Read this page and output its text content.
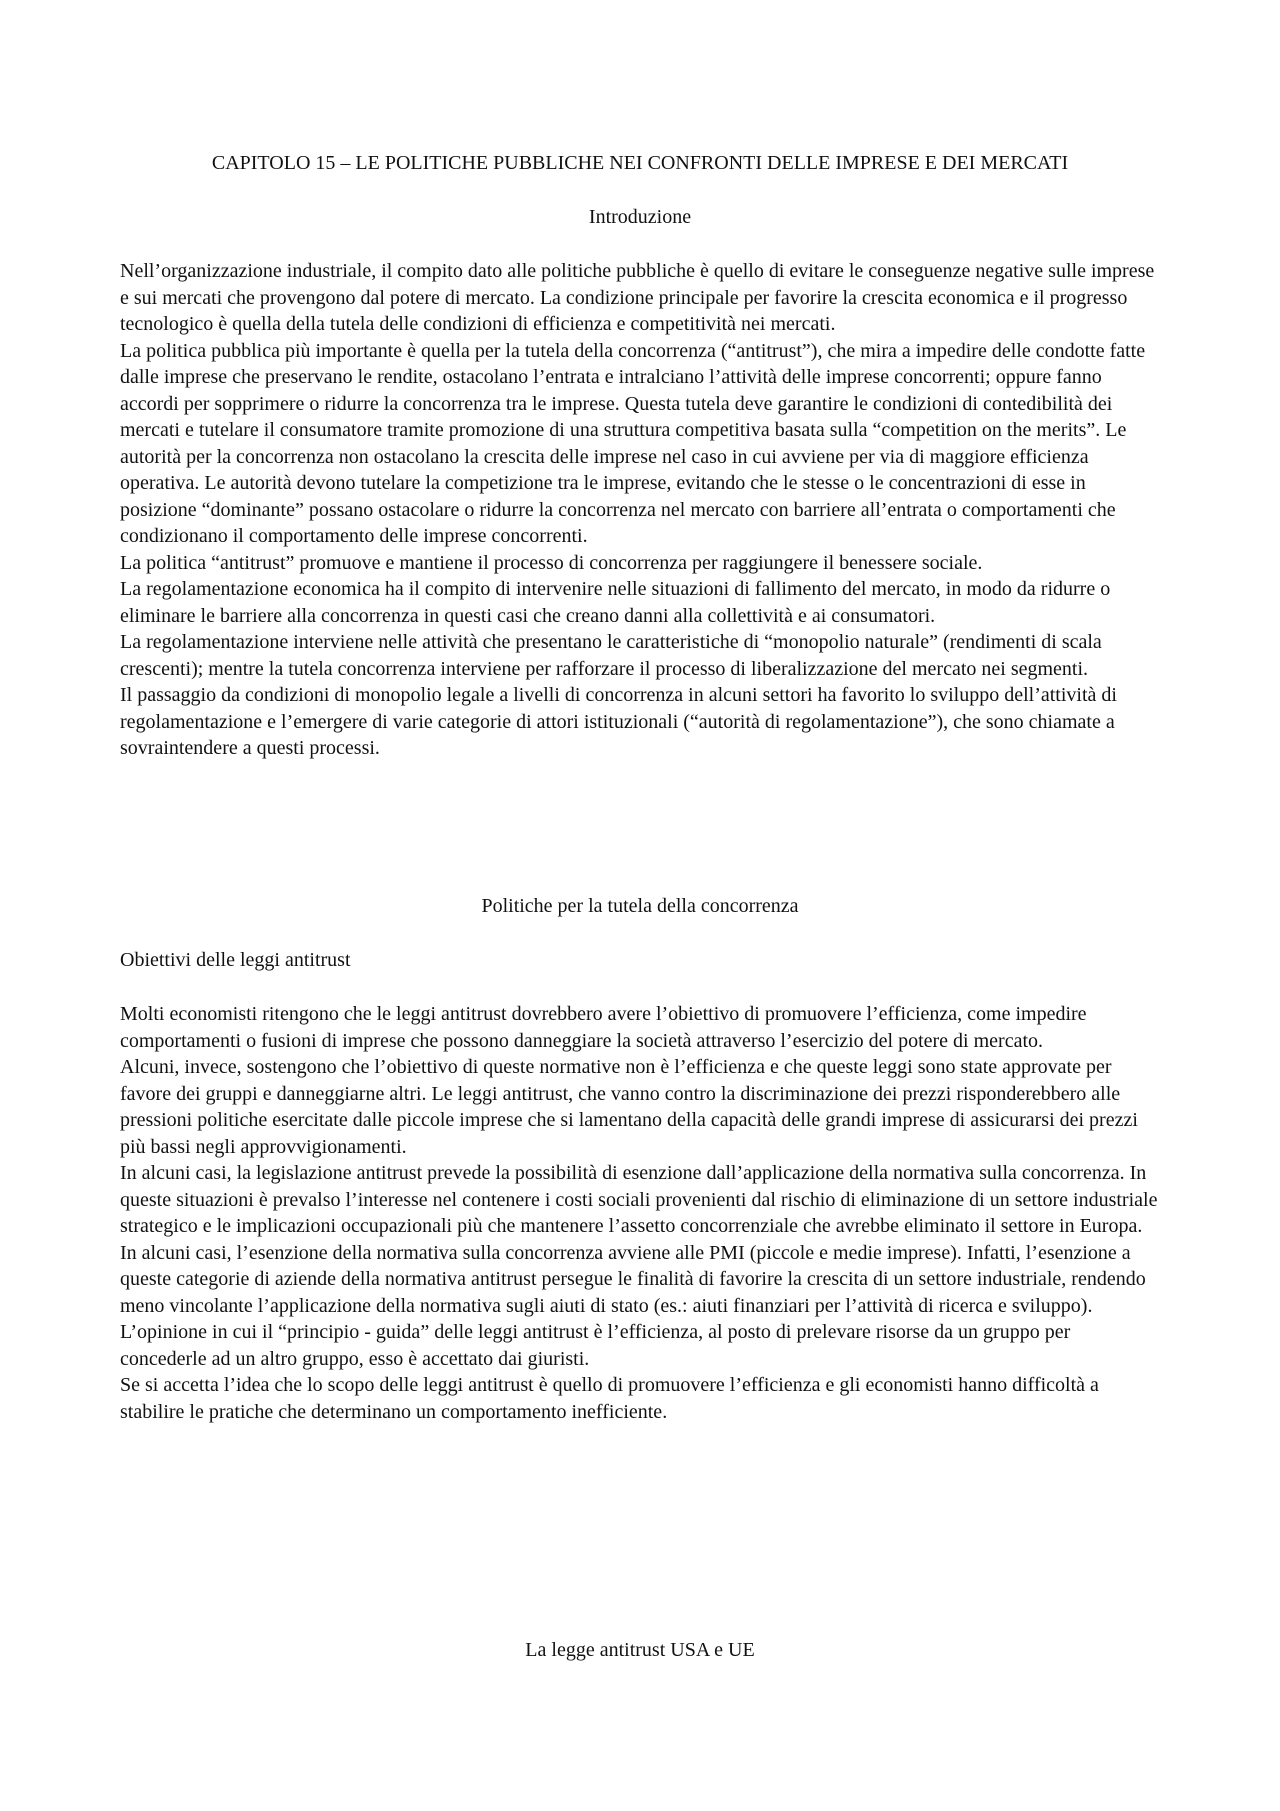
CAPITOLO 15 – LE POLITICHE PUBBLICHE NEI CONFRONTI DELLE IMPRESE E DEI MERCATI
Introduzione

Nell’organizzazione industriale, il compito dato alle politiche pubbliche è quello di evitare le conseguenze negative sulle imprese e sui mercati che provengono dal potere di mercato. La condizione principale per favorire la crescita economica e il progresso tecnologico è quella della tutela delle condizioni di efficienza e competitività nei mercati.

La politica pubblica più importante è quella per la tutela della concorrenza (“antitrust”), che mira a impedire delle condotte fatte dalle imprese che preservano le rendite, ostacolano l’entrata e intralciano l’attività delle imprese concorrenti; oppure fanno accordi per sopprimere o ridurre la concorrenza tra le imprese. Questa tutela deve garantire le condizioni di contedibilità dei mercati e tutelare il consumatore tramite promozione di una struttura competitiva basata sulla “competition on the merits”. Le autorità per la concorrenza non ostacolano la crescita delle imprese nel caso in cui avviene per via di maggiore efficienza operativa. Le autorità devono tutelare la competizione tra le imprese, evitando che le stesse o le concentrazioni di esse in posizione “dominante” possano ostacolare o ridurre la concorrenza nel mercato con barriere all’entrata o comportamenti che condizionano il comportamento delle imprese concorrenti.

La politica “antitrust” promuove e mantiene il processo di concorrenza per raggiungere il benessere sociale.

La regolamentazione economica ha il compito di intervenire nelle situazioni di fallimento del mercato, in modo da ridurre o eliminare le barriere alla concorrenza in questi casi che creano danni alla collettività e ai consumatori.

La regolamentazione interviene nelle attività che presentano le caratteristiche di “monopolio naturale” (rendimenti di scala crescenti); mentre la tutela concorrenza interviene per rafforzare il processo di liberalizzazione del mercato nei segmenti.

Il passaggio da condizioni di monopolio legale a livelli di concorrenza in alcuni settori ha favorito lo sviluppo dell’attività di regolamentazione e l’emergere di varie categorie di attori istituzionali (“autorità di regolamentazione”), che sono chiamate a sovraintendere a questi processi.

Politiche per la tutela della concorrenza
Obiettivi delle leggi antitrust

Molti economisti ritengono che le leggi antitrust dovrebbero avere l’obiettivo di promuovere l’efficienza, come impedire comportamenti o fusioni di imprese che possono danneggiare la società attraverso l’esercizio del potere di mercato.

Alcuni, invece, sostengono che l’obiettivo di queste normative non è l’efficienza e che queste leggi sono state approvate per favore dei gruppi e danneggiarne altri. Le leggi antitrust, che vanno contro la discriminazione dei prezzi risponderebbero alle pressioni politiche esercitate dalle piccole imprese che si lamentano della capacità delle grandi imprese di assicurarsi dei prezzi più bassi negli approvvigionamenti.

In alcuni casi, la legislazione antitrust prevede la possibilità di esenzione dall’applicazione della normativa sulla concorrenza. In queste situazioni è prevalso l’interesse nel contenere i costi sociali provenienti dal rischio di eliminazione di un settore industriale strategico e le implicazioni occupazionali più che mantenere l’assetto concorrenziale che avrebbe eliminato il settore in Europa.

In alcuni casi, l’esenzione della normativa sulla concorrenza avviene alle PMI (piccole e medie imprese). Infatti, l’esenzione a queste categorie di aziende della normativa antitrust persegue le finalità di favorire la crescita di un settore industriale, rendendo meno vincolante l’applicazione della normativa sugli aiuti di stato (es.: aiuti finanziari per l’attività di ricerca e sviluppo).

L’opinione in cui il “principio - guida” delle leggi antitrust è l’efficienza, al posto di prelevare risorse da un gruppo per concederle ad un altro gruppo, esso è accettato dai giuristi.

Se si accetta l’idea che lo scopo delle leggi antitrust è quello di promuovere l’efficienza e gli economisti hanno difficoltà a stabilire le pratiche che determinano un comportamento inefficiente.

La legge antitrust USA e UE
